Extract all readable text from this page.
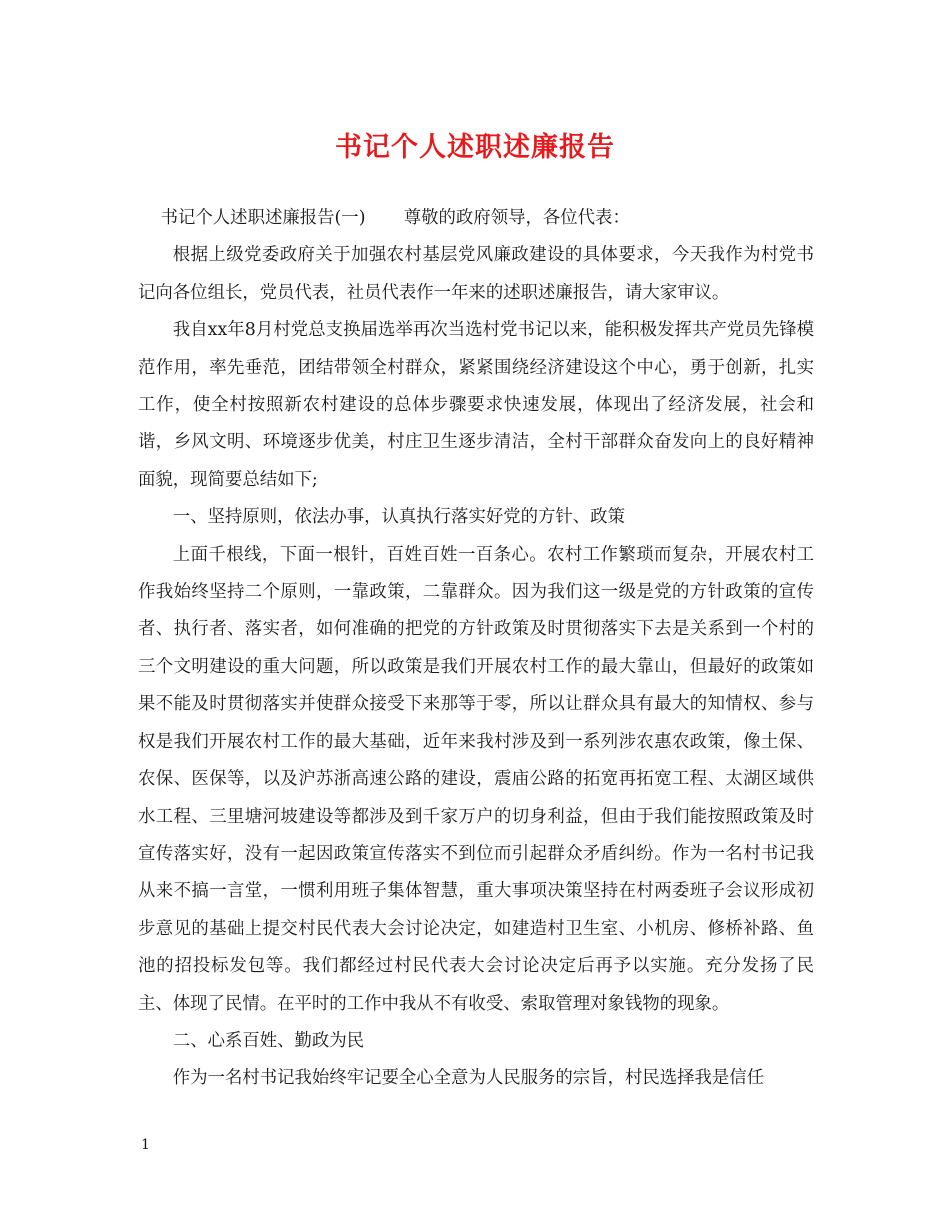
书记个人述职述廉报告

书记个人述职述廉报告(一) 尊敬的政府领导，各位代表：

根据上级党委政府关于加强农村基层党风廉政建设的具体要求，今天我作为村党书记向各位组长，党员代表，社员代表作一年来的述职述廉报告，请大家审议。

我自xx年8月村党总支换届选举再次当选村党书记以来，能积极发挥共产党员先锋模范作用，率先垂范，团结带领全村群众，紧紧围绕经济建设这个中心，勇于创新，扎实工作，使全村按照新农村建设的总体步骤要求快速发展，体现出了经济发展，社会和谐，乡风文明、环境逐步优美，村庄卫生逐步清洁，全村干部群众奋发向上的良好精神面貌，现简要总结如下;

一、坚持原则，依法办事，认真执行落实好党的方针、政策

上面千根线，下面一根针，百姓百姓一百条心。农村工作繁琐而复杂，开展农村工作我始终坚持二个原则，一靠政策，二靠群众。因为我们这一级是党的方针政策的宣传者、执行者、落实者，如何准确的把党的方针政策及时贯彻落实下去是关系到一个村的三个文明建设的重大问题，所以政策是我们开展农村工作的最大靠山，但最好的政策如果不能及时贯彻落实并使群众接受下来那等于零，所以让群众具有最大的知情权、参与权是我们开展农村工作的最大基础，近年来我村涉及到一系列涉农惠农政策，像土保、农保、医保等，以及沪苏浙高速公路的建设，震庙公路的拓宽再拓宽工程、太湖区域供水工程、三里塘河坡建设等都涉及到千家万户的切身利益，但由于我们能按照政策及时宣传落实好，没有一起因政策宣传落实不到位而引起群众矛盾纠纷。作为一名村书记我从来不搞一言堂，一惯利用班子集体智慧，重大事项决策坚持在村两委班子会议形成初步意见的基础上提交村民代表大会讨论决定，如建造村卫生室、小机房、修桥补路、鱼池的招投标发包等。我们都经过村民代表大会讨论决定后再予以实施。充分发扬了民主、体现了民情。在平时的工作中我从不有收受、索取管理对象钱物的现象。

二、心系百姓、勤政为民

作为一名村书记我始终牢记要全心全意为人民服务的宗旨，村民选择我是信任

1
